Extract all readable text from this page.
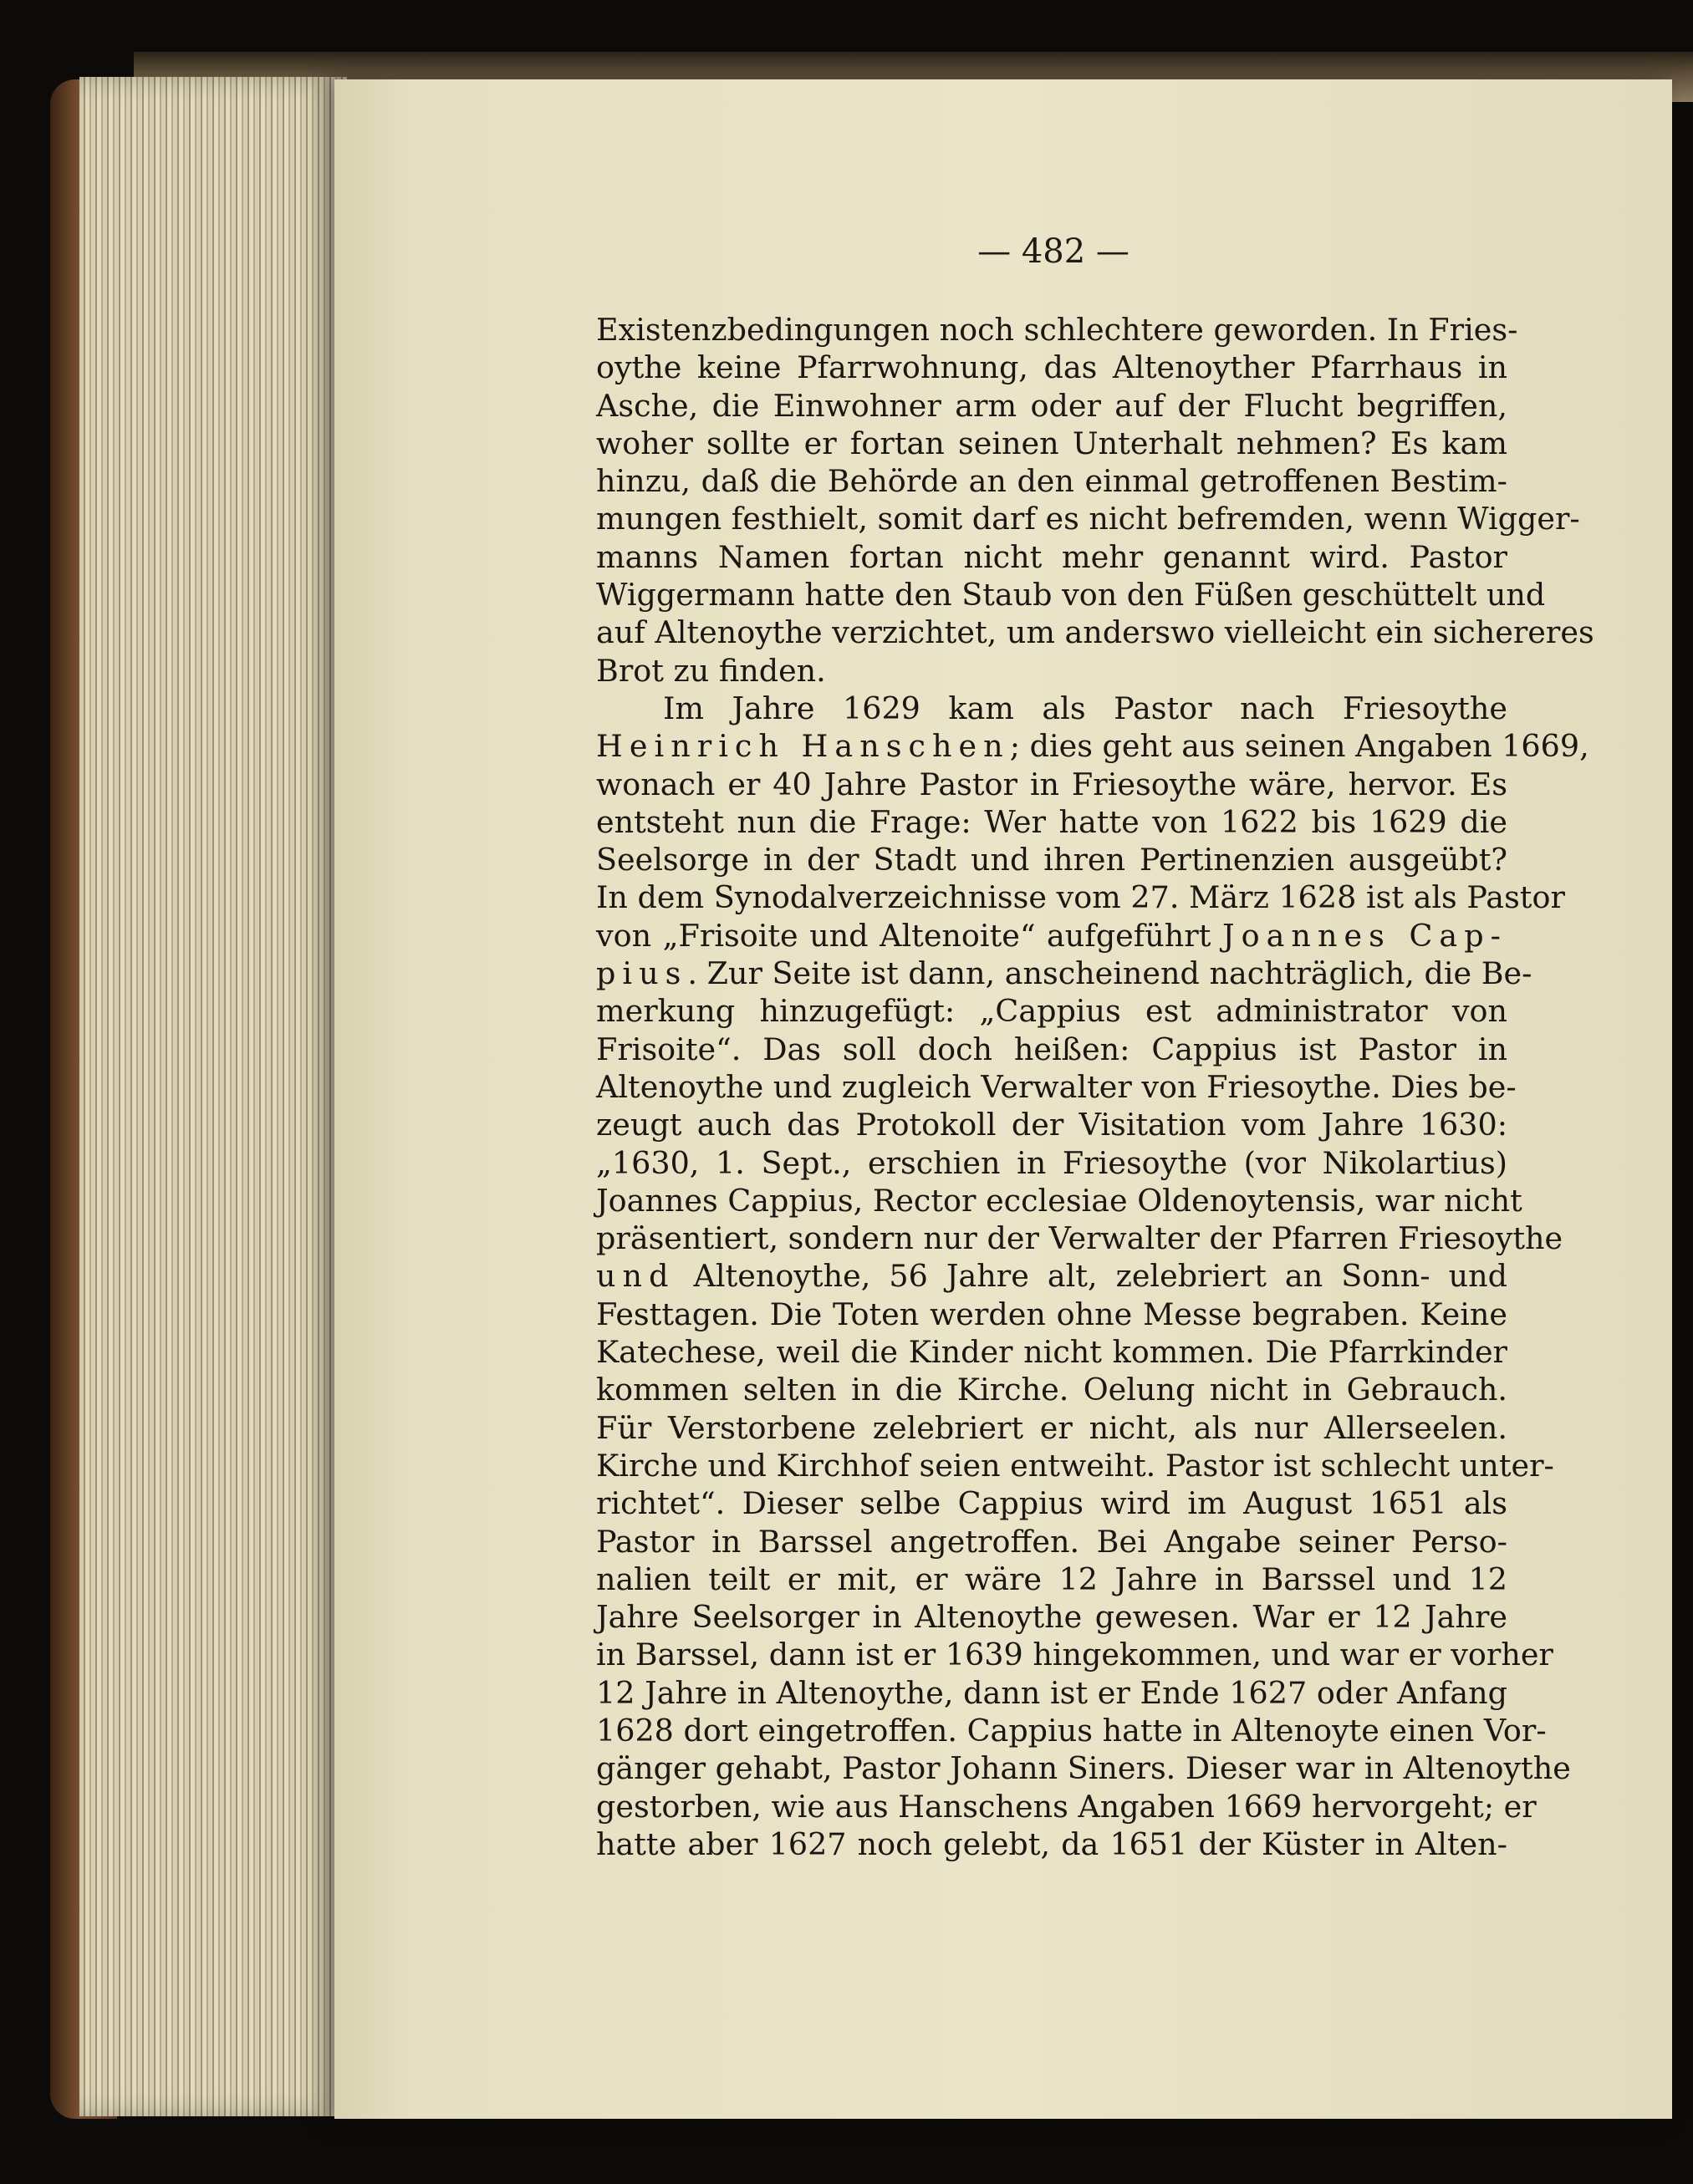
— 482 —
Existenzbedingungen noch schlechtere geworden. In Fries-
oythe keine Pfarrwohnung, das Altenoyther Pfarrhaus in
Asche, die Einwohner arm oder auf der Flucht begriffen,
woher sollte er fortan seinen Unterhalt nehmen? Es kam
hinzu, daß die Behörde an den einmal getroffenen Bestim-
mungen festhielt, somit darf es nicht befremden, wenn Wigger-
manns Namen fortan nicht mehr genannt wird. Pastor
Wiggermann hatte den Staub von den Füßen geschüttelt und
auf Altenoythe verzichtet, um anderswo vielleicht ein sichereres
Brot zu finden.
Im Jahre 1629 kam als Pastor nach Friesoythe
Heinrich Hanschen; dies geht aus seinen Angaben 1669,
wonach er 40 Jahre Pastor in Friesoythe wäre, hervor. Es
entsteht nun die Frage: Wer hatte von 1622 bis 1629 die
Seelsorge in der Stadt und ihren Pertinenzien ausgeübt?
In dem Synodalverzeichnisse vom 27. März 1628 ist als Pastor
von „Frisoite und Altenoite“ aufgeführt Joannes Cap-
pius. Zur Seite ist dann, anscheinend nachträglich, die Be-
merkung hinzugefügt: „Cappius est administrator von
Frisoite“. Das soll doch heißen: Cappius ist Pastor in
Altenoythe und zugleich Verwalter von Friesoythe. Dies be-
zeugt auch das Protokoll der Visitation vom Jahre 1630:
„1630, 1. Sept., erschien in Friesoythe (vor Nikolartius)
Joannes Cappius, Rector ecclesiae Oldenoytensis, war nicht
präsentiert, sondern nur der Verwalter der Pfarren Friesoythe
und Altenoythe, 56 Jahre alt, zelebriert an Sonn- und
Festtagen. Die Toten werden ohne Messe begraben. Keine
Katechese, weil die Kinder nicht kommen. Die Pfarrkinder
kommen selten in die Kirche. Oelung nicht in Gebrauch.
Für Verstorbene zelebriert er nicht, als nur Allerseelen.
Kirche und Kirchhof seien entweiht. Pastor ist schlecht unter-
richtet“. Dieser selbe Cappius wird im August 1651 als
Pastor in Barssel angetroffen. Bei Angabe seiner Perso-
nalien teilt er mit, er wäre 12 Jahre in Barssel und 12
Jahre Seelsorger in Altenoythe gewesen. War er 12 Jahre
in Barssel, dann ist er 1639 hingekommen, und war er vorher
12 Jahre in Altenoythe, dann ist er Ende 1627 oder Anfang
1628 dort eingetroffen. Cappius hatte in Altenoyte einen Vor-
gänger gehabt, Pastor Johann Siners. Dieser war in Altenoythe
gestorben, wie aus Hanschens Angaben 1669 hervorgeht; er
hatte aber 1627 noch gelebt, da 1651 der Küster in Alten-
